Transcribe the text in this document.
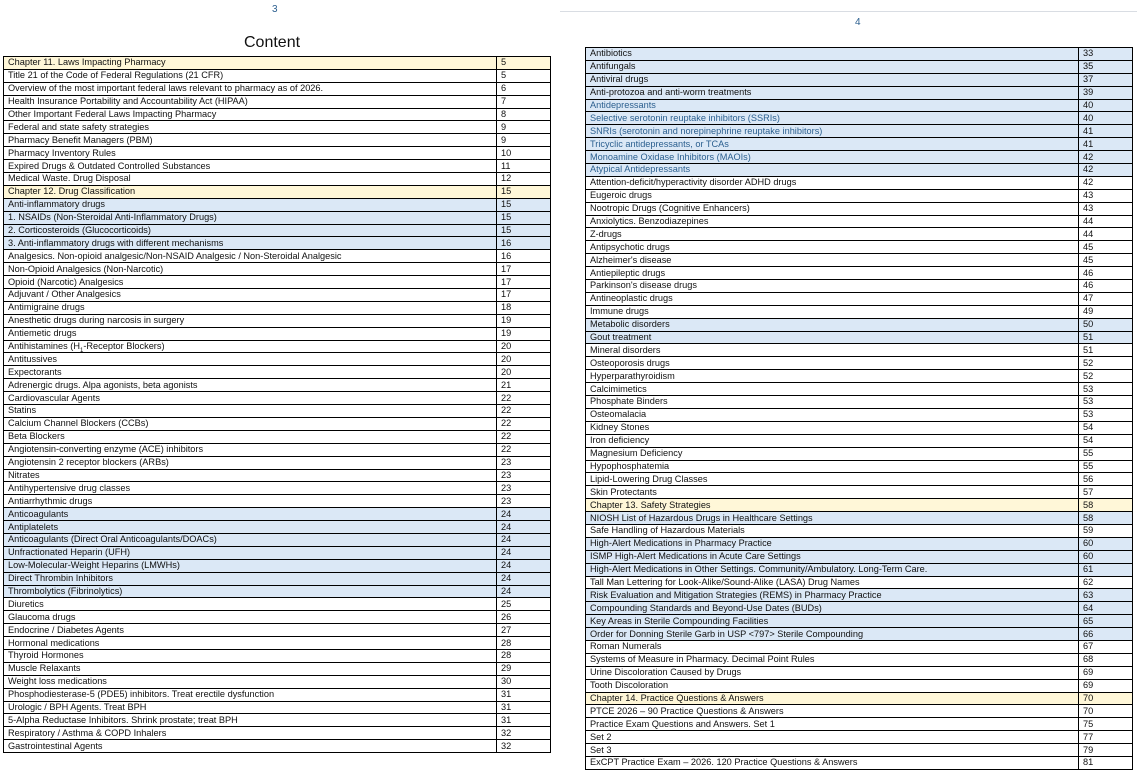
3
Content
4
Chapter 11. Laws Impacting Pharmacy	5
Title 21 of the Code of Federal Regulations (21 CFR)	5
Overview of the most important federal laws relevant to pharmacy as of 2026.	6
Health Insurance Portability and Accountability Act (HIPAA)	7
Other Important Federal Laws Impacting Pharmacy	8
Federal and state safety strategies	9
Pharmacy Benefit Managers (PBM)	9
Pharmacy Inventory Rules	10
Expired Drugs & Outdated Controlled Substances	11
Medical Waste. Drug Disposal	12
Chapter 12. Drug Classification	15
Anti-inflammatory drugs	15
1. NSAIDs (Non-Steroidal Anti-Inflammatory Drugs)	15
2. Corticosteroids (Glucocorticoids)	15
3. Anti-inflammatory drugs with different mechanisms	16
Analgesics. Non-opioid analgesic/Non-NSAID Analgesic / Non-Steroidal Analgesic	16
Non-Opioid Analgesics (Non-Narcotic)	17
Opioid (Narcotic) Analgesics	17
Adjuvant / Other Analgesics	17
Antimigraine drugs	18
Anesthetic drugs during narcosis in surgery	19
Antiemetic drugs	19
Antihistamines ($H_1$-Receptor Blockers)	20
Antitussives	20
Expectorants	20
Adrenergic drugs. Alpa agonists, beta agonists	21
Cardiovascular Agents	22
Statins	22
Calcium Channel Blockers (CCBs)	22
Beta Blockers	22
Angiotensin-converting enzyme (ACE) inhibitors	22
Angiotensin 2 receptor blockers (ARBs)	23
Nitrates	23
Antihypertensive drug classes	23
Antiarrhythmic drugs	23
Anticoagulants	24
Antiplatelets	24
Anticoagulants (Direct Oral Anticoagulants/DOACs)	24
Unfractionated Heparin (UFH)	24
Low-Molecular-Weight Heparins (LMWHs)	24
Direct Thrombin Inhibitors	24
Thrombolytics (Fibrinolytics)	24
Diuretics	25
Glaucoma drugs	26
Endocrine / Diabetes Agents	27
Hormonal medications	28
Thyroid Hormones	28
Muscle Relaxants	29
Weight loss medications	30
Phosphodiesterase-5 (PDE5) inhibitors. Treat erectile dysfunction	31
Urologic / BPH Agents. Treat BPH	31
5-Alpha Reductase Inhibitors. Shrink prostate; treat BPH	31
Respiratory / Asthma & COPD Inhalers	32
Gastrointestinal Agents	32
Antibiotics	33
Antifungals	35
Antiviral drugs	37
Anti-protozoa and anti-worm treatments	39
Antidepressants	40
Selective serotonin reuptake inhibitors (SSRIs)	40
SNRIs (serotonin and norepinephrine reuptake inhibitors)	41
Tricyclic antidepressants, or TCAs	41
Monoamine Oxidase Inhibitors (MAOIs)	42
Atypical Antidepressants	42
Attention-deficit/hyperactivity disorder ADHD drugs	42
Eugeroic drugs	43
Nootropic Drugs (Cognitive Enhancers)	43
Anxiolytics. Benzodiazepines	44
Z-drugs	44
Antipsychotic drugs	45
Alzheimer's disease	45
Antiepileptic drugs	46
Parkinson's disease drugs	46
Antineoplastic drugs	47
Immune drugs	49
Metabolic disorders	50
Gout treatment	51
Mineral disorders	51
Osteoporosis drugs	52
Hyperparathyroidism	52
Calcimimetics	53
Phosphate Binders	53
Osteomalacia	53
Kidney Stones	54
Iron deficiency	54
Magnesium Deficiency	55
Hypophosphatemia	55
Lipid-Lowering Drug Classes	56
Skin Protectants	57
Chapter 13. Safety Strategies	58
NIOSH List of Hazardous Drugs in Healthcare Settings	58
Safe Handling of Hazardous Materials	59
High-Alert Medications in Pharmacy Practice	60
ISMP High-Alert Medications in Acute Care Settings	60
High-Alert Medications in Other Settings. Community/Ambulatory. Long-Term Care.	61
Tall Man Lettering for Look-Alike/Sound-Alike (LASA) Drug Names	62
Risk Evaluation and Mitigation Strategies (REMS) in Pharmacy Practice	63
Compounding Standards and Beyond-Use Dates (BUDs)	64
Key Areas in Sterile Compounding Facilities	65
Order for Donning Sterile Garb in USP <797> Sterile Compounding	66
Roman Numerals	67
Systems of Measure in Pharmacy. Decimal Point Rules	68
Urine Discoloration Caused by Drugs	69
Tooth Discoloration	69
Chapter 14. Practice Questions & Answers	70
PTCE 2026 – 90 Practice Questions & Answers	70
Practice Exam Questions and Answers. Set 1	75
Set 2	77
Set 3	79
ExCPT Practice Exam – 2026. 120 Practice Questions & Answers	81
